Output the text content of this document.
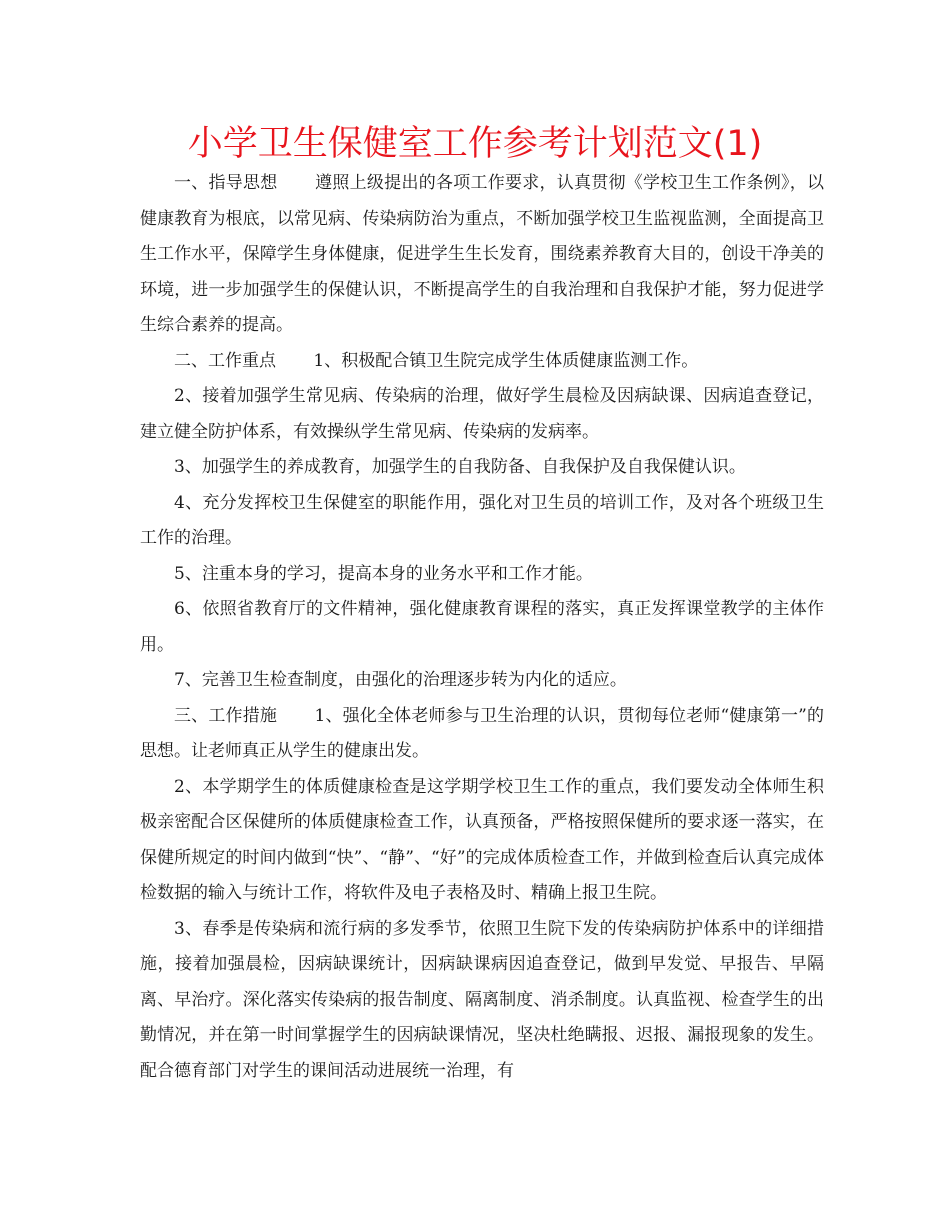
小学卫生保健室工作参考计划范文(1)

一、指导思想 遵照上级提出的各项工作要求，认真贯彻《学校卫生工作条例》，以健康教育为根底，以常见病、传染病防治为重点，不断加强学校卫生监视监测，全面提高卫生工作水平，保障学生身体健康，促进学生生长发育，围绕素养教育大目的，创设干净美的环境，进一步加强学生的保健认识，不断提高学生的自我治理和自我保护才能，努力促进学生综合素养的提高。

二、工作重点 1、积极配合镇卫生院完成学生体质健康监测工作。

2、接着加强学生常见病、传染病的治理，做好学生晨检及因病缺课、因病追查登记，建立健全防护体系，有效操纵学生常见病、传染病的发病率。

3、加强学生的养成教育，加强学生的自我防备、自我保护及自我保健认识。

4、充分发挥校卫生保健室的职能作用，强化对卫生员的培训工作，及对各个班级卫生工作的治理。

5、注重本身的学习，提高本身的业务水平和工作才能。

6、依照省教育厅的文件精神，强化健康教育课程的落实，真正发挥课堂教学的主体作用。

7、完善卫生检查制度，由强化的治理逐步转为内化的适应。

三、工作措施 1、强化全体老师参与卫生治理的认识，贯彻每位老师“健康第一”的思想。让老师真正从学生的健康出发。

2、本学期学生的体质健康检查是这学期学校卫生工作的重点，我们要发动全体师生积极亲密配合区保健所的体质健康检查工作，认真预备，严格按照保健所的要求逐一落实，在保健所规定的时间内做到“快”、“静”、“好”的完成体质检查工作，并做到检查后认真完成体检数据的输入与统计工作，将软件及电子表格及时、精确上报卫生院。

3、春季是传染病和流行病的多发季节，依照卫生院下发的传染病防护体系中的详细措施，接着加强晨检，因病缺课统计，因病缺课病因追查登记，做到早发觉、早报告、早隔离、早治疗。深化落实传染病的报告制度、隔离制度、消杀制度。认真监视、检查学生的出勤情况，并在第一时间掌握学生的因病缺课情况，坚决杜绝瞒报、迟报、漏报现象的发生。配合德育部门对学生的课间活动进展统一治理，有
